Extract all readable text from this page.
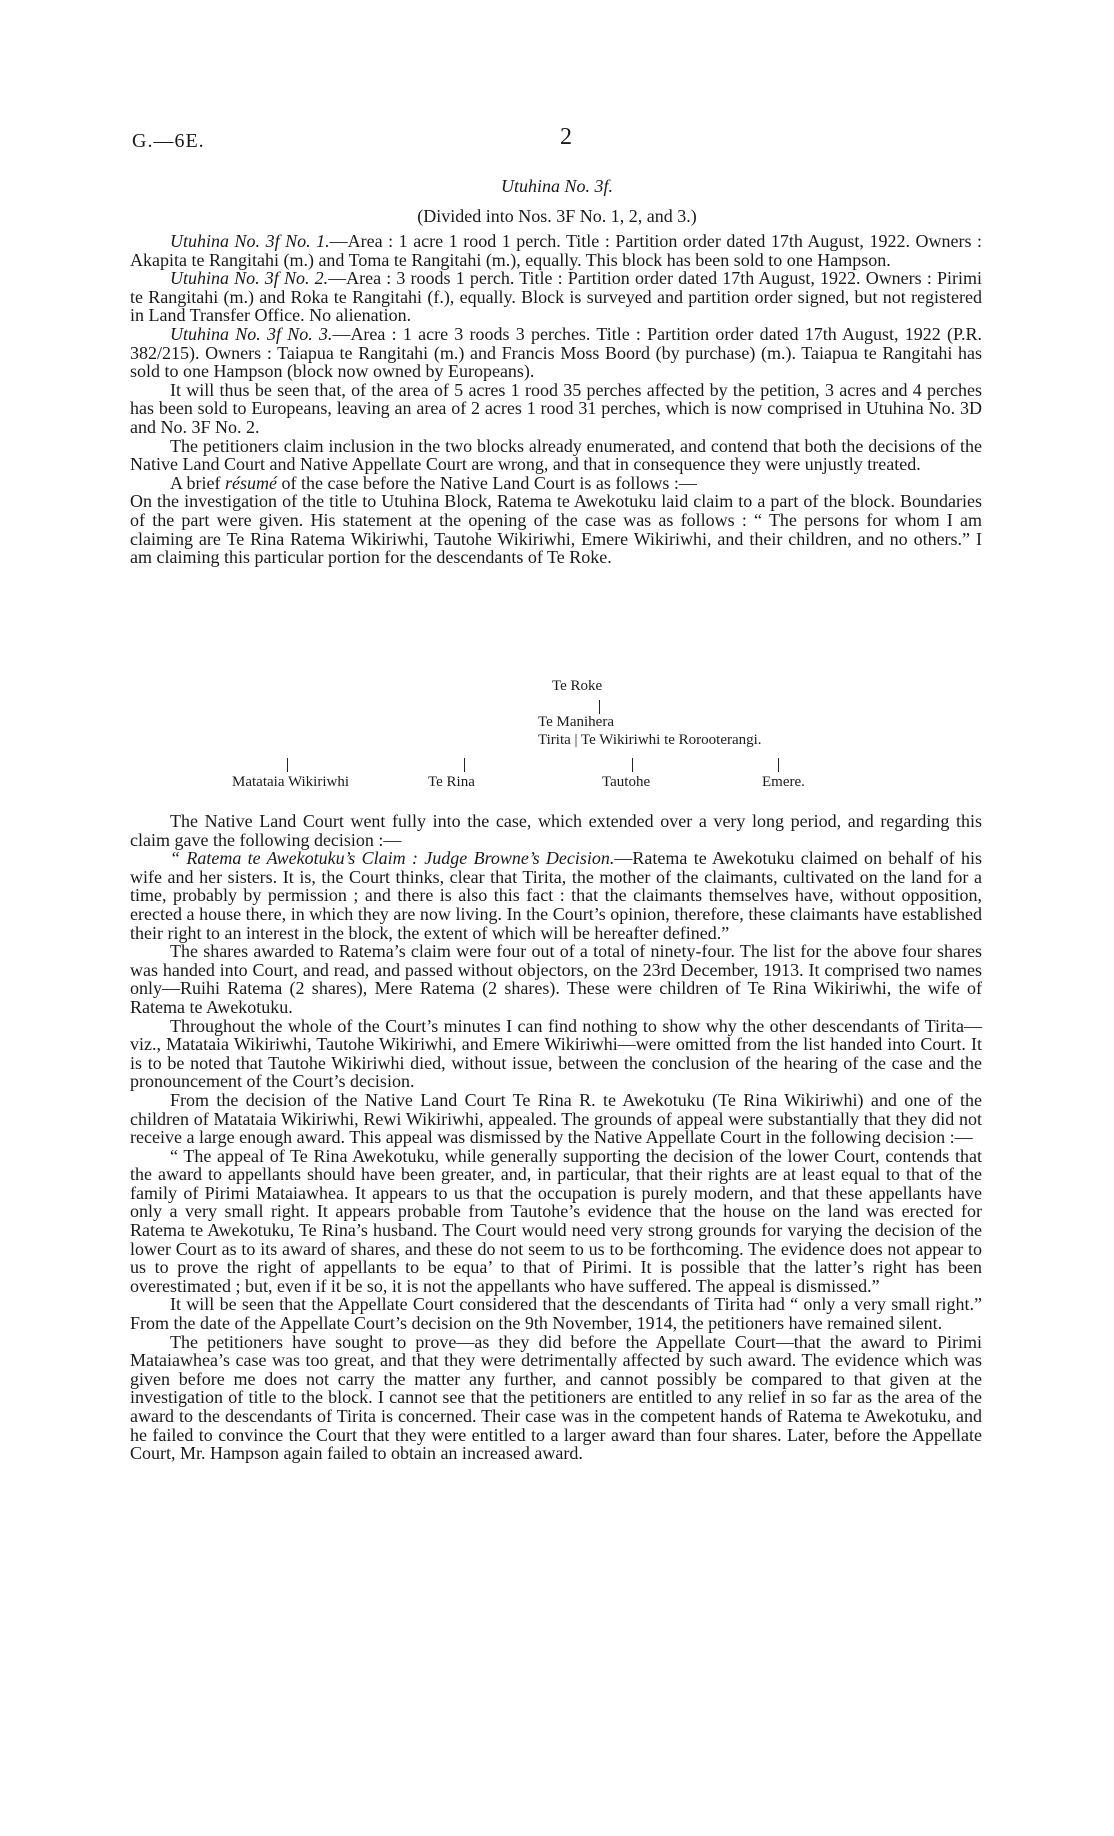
G.—6E.	2
Utuhina No. 3f.
(Divided into Nos. 3F No. 1, 2, and 3.)

Utuhina No. 3f No. 1.—Area : 1 acre 1 rood 1 perch. Title : Partition order dated 17th August, 1922. Owners : Akapita te Rangitahi (m.) and Toma te Rangitahi (m.), equally. This block has been sold to one Hampson.

Utuhina No. 3f No. 2.—Area : 3 roods 1 perch. Title : Partition order dated 17th August, 1922. Owners : Pirimi te Rangitahi (m.) and Roka te Rangitahi (f.), equally. Block is surveyed and partition order signed, but not registered in Land Transfer Office. No alienation.

Utuhina No. 3f No. 3.—Area : 1 acre 3 roods 3 perches. Title : Partition order dated 17th August, 1922 (P.R. 382/215). Owners : Taiapua te Rangitahi (m.) and Francis Moss Boord (by purchase) (m.). Taiapua te Rangitahi has sold to one Hampson (block now owned by Europeans).

It will thus be seen that, of the area of 5 acres 1 rood 35 perches affected by the petition, 3 acres and 4 perches has been sold to Europeans, leaving an area of 2 acres 1 rood 31 perches, which is now comprised in Utuhina No. 3D and No. 3F No. 2.

The petitioners claim inclusion in the two blocks already enumerated, and contend that both the decisions of the Native Land Court and Native Appellate Court are wrong, and that in consequence they were unjustly treated.

A brief résumé of the case before the Native Land Court is as follows :—

On the investigation of the title to Utuhina Block, Ratema te Awekotuku laid claim to a part of the block. Boundaries of the part were given. His statement at the opening of the case was as follows : “ The persons for whom I am claiming are Te Rina Ratema Wikiriwhi, Tautohe Wikiriwhi, Emere Wikiriwhi, and their children, and no others.” I am claiming this particular portion for the descendants of Te Roke.

Te Roke
Te Manihera
Tirita | Te Wikiriwhi te Rorooterangi.
Matataia Wikiriwhi	Te Rina	Tautohe	Emere.

The Native Land Court went fully into the case, which extended over a very long period, and regarding this claim gave the following decision :—

“ Ratema te Awekotuku’s Claim : Judge Browne’s Decision.—Ratema te Awekotuku claimed on behalf of his wife and her sisters. It is, the Court thinks, clear that Tirita, the mother of the claimants, cultivated on the land for a time, probably by permission ; and there is also this fact : that the claimants themselves have, without opposition, erected a house there, in which they are now living. In the Court’s opinion, therefore, these claimants have established their right to an interest in the block, the extent of which will be hereafter defined.”

The shares awarded to Ratema’s claim were four out of a total of ninety-four. The list for the above four shares was handed into Court, and read, and passed without objectors, on the 23rd December, 1913. It comprised two names only—Ruihi Ratema (2 shares), Mere Ratema (2 shares). These were children of Te Rina Wikiriwhi, the wife of Ratema te Awekotuku.

Throughout the whole of the Court’s minutes I can find nothing to show why the other descendants of Tirita—viz., Matataia Wikiriwhi, Tautohe Wikiriwhi, and Emere Wikiriwhi—were omitted from the list handed into Court. It is to be noted that Tautohe Wikiriwhi died, without issue, between the conclusion of the hearing of the case and the pronouncement of the Court’s decision.

From the decision of the Native Land Court Te Rina R. te Awekotuku (Te Rina Wikiriwhi) and one of the children of Matataia Wikiriwhi, Rewi Wikiriwhi, appealed. The grounds of appeal were substantially that they did not receive a large enough award. This appeal was dismissed by the Native Appellate Court in the following decision :—

“ The appeal of Te Rina Awekotuku, while generally supporting the decision of the lower Court, contends that the award to appellants should have been greater, and, in particular, that their rights are at least equal to that of the family of Pirimi Mataiawhea. It appears to us that the occupation is purely modern, and that these appellants have only a very small right. It appears probable from Tautohe’s evidence that the house on the land was erected for Ratema te Awekotuku, Te Rina’s husband. The Court would need very strong grounds for varying the decision of the lower Court as to its award of shares, and these do not seem to us to be forthcoming. The evidence does not appear to us to prove the right of appellants to be equa’ to that of Pirimi. It is possible that the latter’s right has been overestimated ; but, even if it be so, it is not the appellants who have suffered. The appeal is dismissed.”

It will be seen that the Appellate Court considered that the descendants of Tirita had “ only a very small right.” From the date of the Appellate Court’s decision on the 9th November, 1914, the petitioners have remained silent.

The petitioners have sought to prove—as they did before the Appellate Court—that the award to Pirimi Mataiawhea’s case was too great, and that they were detrimentally affected by such award. The evidence which was given before me does not carry the matter any further, and cannot possibly be compared to that given at the investigation of title to the block. I cannot see that the petitioners are entitled to any relief in so far as the area of the award to the descendants of Tirita is concerned. Their case was in the competent hands of Ratema te Awekotuku, and he failed to convince the Court that they were entitled to a larger award than four shares. Later, before the Appellate Court, Mr. Hampson again failed to obtain an increased award.
